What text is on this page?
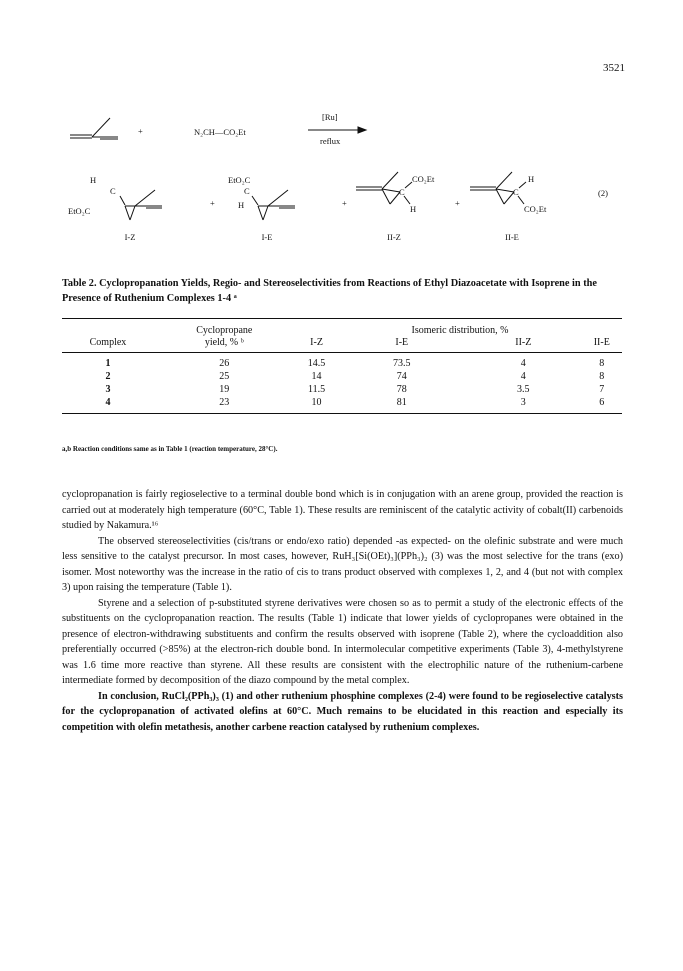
3521
+	N₂CH—CO₂Et
[Ru]
reflux
H
C
EtO₂C
+
EtO₂C
C
H	+
C
CO₂Et
H
+
C
H
CO₂Et
(2)
I-Z	I-E	II-Z	II-E
Table 2. Cyclopropanation Yields, Regio- and Stereoselectivities from Reactions of Ethyl Diazoacetate with Isoprene in the Presence of Ruthenium Complexes 1-4 ᵃ
	Cyclopropane		Isomeric distribution, %		
Complex	yield, % ᵇ	I-Z	I-E	II-Z	II-E
1	26	14.5	73.5	4	8
2	25	14	74	4	8
3	19	11.5	78	3.5	7
4	23	10	81	3	6
a,b Reaction conditions same as in Table 1 (reaction temperature, 28°C).

cyclopropanation is fairly regioselective to a terminal double bond which is in conjugation with an arene group, provided the reaction is carried out at moderately high temperature (60°C, Table 1). These results are reminiscent of the catalytic activity of cobalt(II) carbenoids studied by Nakamura.¹⁶

The observed stereoselectivities (cis/trans or endo/exo ratio) depended -as expected- on the olefinic substrate and were much less sensitive to the catalyst precursor. In most cases, however, RuH₃[Si(OEt)₃](PPh₃)₂ (3) was the most selective for the trans (exo) isomer. Most noteworthy was the increase in the ratio of cis to trans product observed with complexes 1, 2, and 4 (but not with complex 3) upon raising the temperature (Table 1).

Styrene and a selection of p-substituted styrene derivatives were chosen so as to permit a study of the electronic effects of the substituents on the cyclopropanation reaction. The results (Table 1) indicate that lower yields of cyclopropanes were obtained in the presence of electron-withdrawing substituents and confirm the results observed with isoprene (Table 2), where the cycloaddition also preferentially occurred (>85%) at the electron-rich double bond. In intermolecular competitive experiments (Table 3), 4-methylstyrene was 1.6 time more reactive than styrene. All these results are consistent with the electrophilic nature of the ruthenium-carbene intermediate formed by decomposition of the diazo compound by the metal complex.

In conclusion, RuCl₂(PPh₃)₃ (1) and other ruthenium phosphine complexes (2-4) were found to be regioselective catalysts for the cyclopropanation of activated olefins at 60°C. Much remains to be elucidated in this reaction and especially its competition with olefin metathesis, another carbene reaction catalysed by ruthenium complexes.
